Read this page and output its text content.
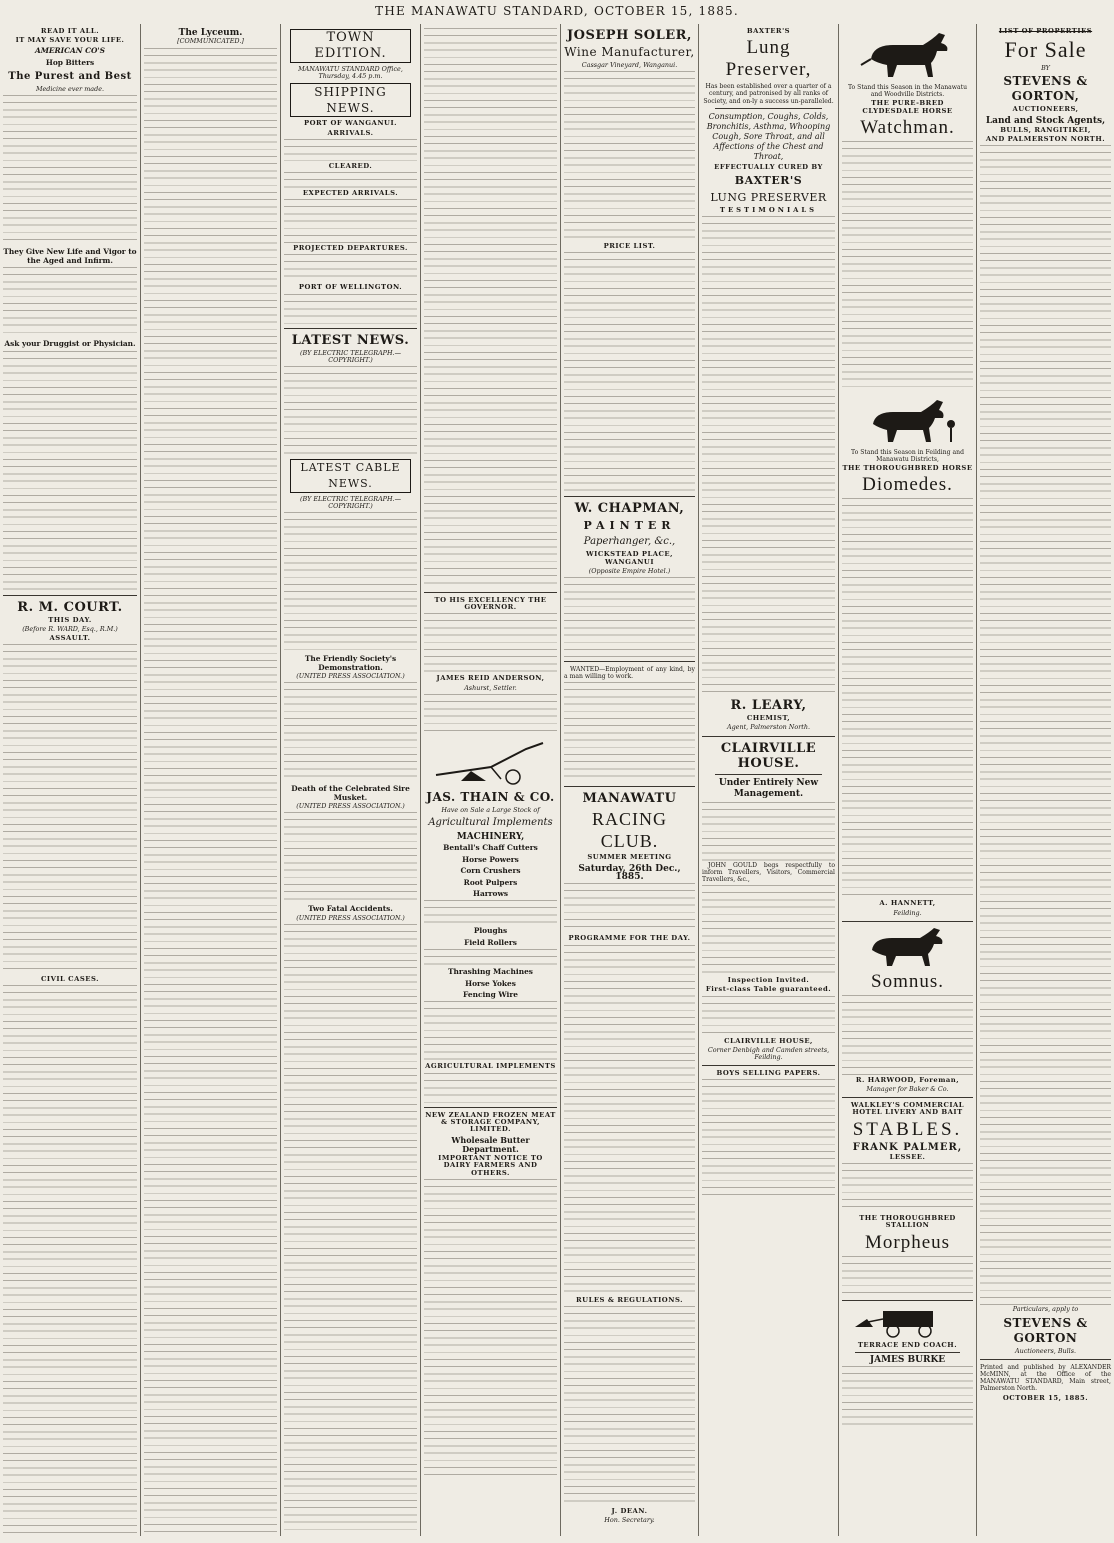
THE MANAWATU STANDARD, OCTOBER 15, 1885.
READ IT ALL.
IT MAY SAVE YOUR LIFE.
AMERICAN CO'S
Hop Bitters
The Purest and Best
Medicine ever made.
They Give New Life and Vigor to the Aged and Infirm.
Ask your Druggist or Physician.
R. M. COURT.
THIS DAY.
(Before R. WARD, Esq., R.M.)
ASSAULT.
CIVIL CASES.
The Lyceum.
[COMMUNICATED.]	TOWN EDITION.
MANAWATU STANDARD Office, Thursday, 4.45 p.m.
SHIPPING NEWS.
PORT OF WANGANUI.
ARRIVALS.
CLEARED.
EXPECTED ARRIVALS.
PROJECTED DEPARTURES.
PORT OF WELLINGTON.
LATEST NEWS.
(BY ELECTRIC TELEGRAPH.—COPYRIGHT.)
LATEST CABLE NEWS.
(BY ELECTRIC TELEGRAPH.—COPYRIGHT.)
The Friendly Society's Demonstration.
(UNITED PRESS ASSOCIATION.)
Death of the Celebrated Sire Musket.
(UNITED PRESS ASSOCIATION.)
Two Fatal Accidents.
(UNITED PRESS ASSOCIATION.)
TO HIS EXCELLENCY THE GOVERNOR.
JAMES REID ANDERSON,
Ashurst, Settler.
JAS. THAIN & CO.
Have on Sale a Large Stock of
Agricultural Implements
MACHINERY,
Bentall's Chaff Cutters
Horse Powers
Corn Crushers
Root Pulpers
Harrows
Ploughs
Field Rollers
Thrashing Machines
Horse Yokes
Fencing Wire
AGRICULTURAL IMPLEMENTS
NEW ZEALAND FROZEN MEAT & STORAGE COMPANY, LIMITED.
Wholesale Butter Department.
IMPORTANT NOTICE TO DAIRY FARMERS AND OTHERS.
JOSEPH SOLER,
Wine Manufacturer,
Cassgar Vineyard, Wanganui.
PRICE LIST.
W. CHAPMAN,
PAINTER
Paperhanger, &c.,
WICKSTEAD PLACE, WANGANUI
(Opposite Empire Hotel.)

WANTED—Employment of any kind, by a man willing to work.

MANAWATU
RACING CLUB.
SUMMER MEETING
Saturday, 26th Dec., 1885.
PROGRAMME FOR THE DAY.
RULES & REGULATIONS.
J. DEAN.
Hon. Secretary.
BAXTER'S
Lung Preserver,

Has been established over a quarter of a century, and patronised by all ranks of Society, and on-ly a success un-paralleled.

Consumption, Coughs, Colds, Bronchitis, Asthma, Whooping Cough, Sore Throat, and all Affections of the Chest and Throat,

EFFECTUALLY CURED BY
BAXTER'S
LUNG PRESERVER
TESTIMONIALS
R. LEARY,
CHEMIST,
Agent, Palmerston North.
CLAIRVILLE HOUSE.
Under Entirely New Management.

JOHN GOULD begs respectfully to inform Travellers, Visitors, Commercial Travellers, &c.,

Inspection Invited.
First-class Table guaranteed.
CLAIRVILLE HOUSE,
Corner Denbigh and Camden streets, Feilding.
BOYS SELLING PAPERS.

To Stand this Season in the Manawatu and Woodville Districts.

THE PURE-BRED CLYDESDALE HORSE
Watchman.

To Stand this Season in Feilding and Manawatu Districts,

THE THOROUGHBRED HORSE
Diomedes.
A. HANNETT,
Feilding.
Somnus.
R. HARWOOD, Foreman,
Manager for Baker & Co.
WALKLEY'S COMMERCIAL HOTEL LIVERY AND BAIT
STABLES.
FRANK PALMER,
LESSEE.
THE THOROUGHBRED STALLION
Morpheus
TERRACE END COACH.
JAMES BURKE
LIST OF PROPERTIES
For Sale
BY
STEVENS & GORTON,
AUCTIONEERS,
Land and Stock Agents,
BULLS, RANGITIKEI,
AND PALMERSTON NORTH.
Particulars, apply to
STEVENS & GORTON
Auctioneers, Bulls.

Printed and published by ALEXANDER McMINN, at the Office of the MANAWATU STANDARD, Main street, Palmerston North.

OCTOBER 15, 1885.
